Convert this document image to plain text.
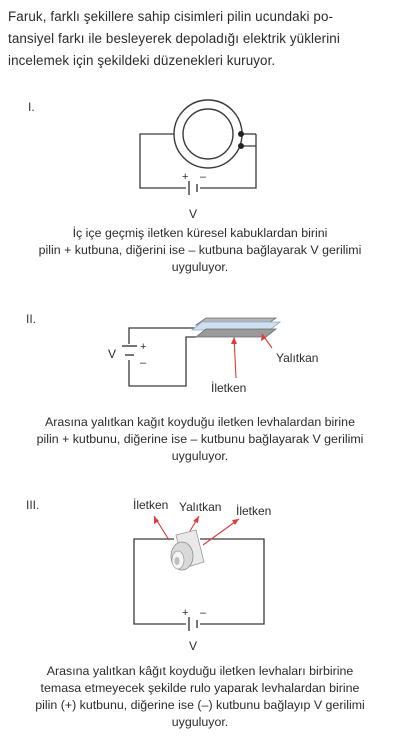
Faruk, farklı şekillere sahip cisimleri pilin ucundaki po-
tansiyel farkı ile besleyerek depoladığı elektrik yüklerini
incelemek için şekildeki düzenekleri kuruyor.
I.
+ –
V
İç içe geçmiş iletken küresel kabuklardan birini
pilin + kutbuna, diğerini ise – kutbuna bağlayarak V gerilimi
uyguluyor.
II.
+
–
V	Yalıtkan
İletken
Arasına yalıtkan kağıt koyduğu iletken levhalardan birine
pilin + kutbunu, diğerine ise – kutbunu bağlayarak V gerilimi
uyguluyor.
III.	İletken Yalıtkan İletken
+ –
V
Arasına yalıtkan kâğıt koyduğu iletken levhaları birbirine
temasa etmeyecek şekilde rulo yaparak levhalardan birine
pilin (+) kutbunu, diğerine ise (–) kutbunu bağlayıp V gerilimi
uyguluyor.
